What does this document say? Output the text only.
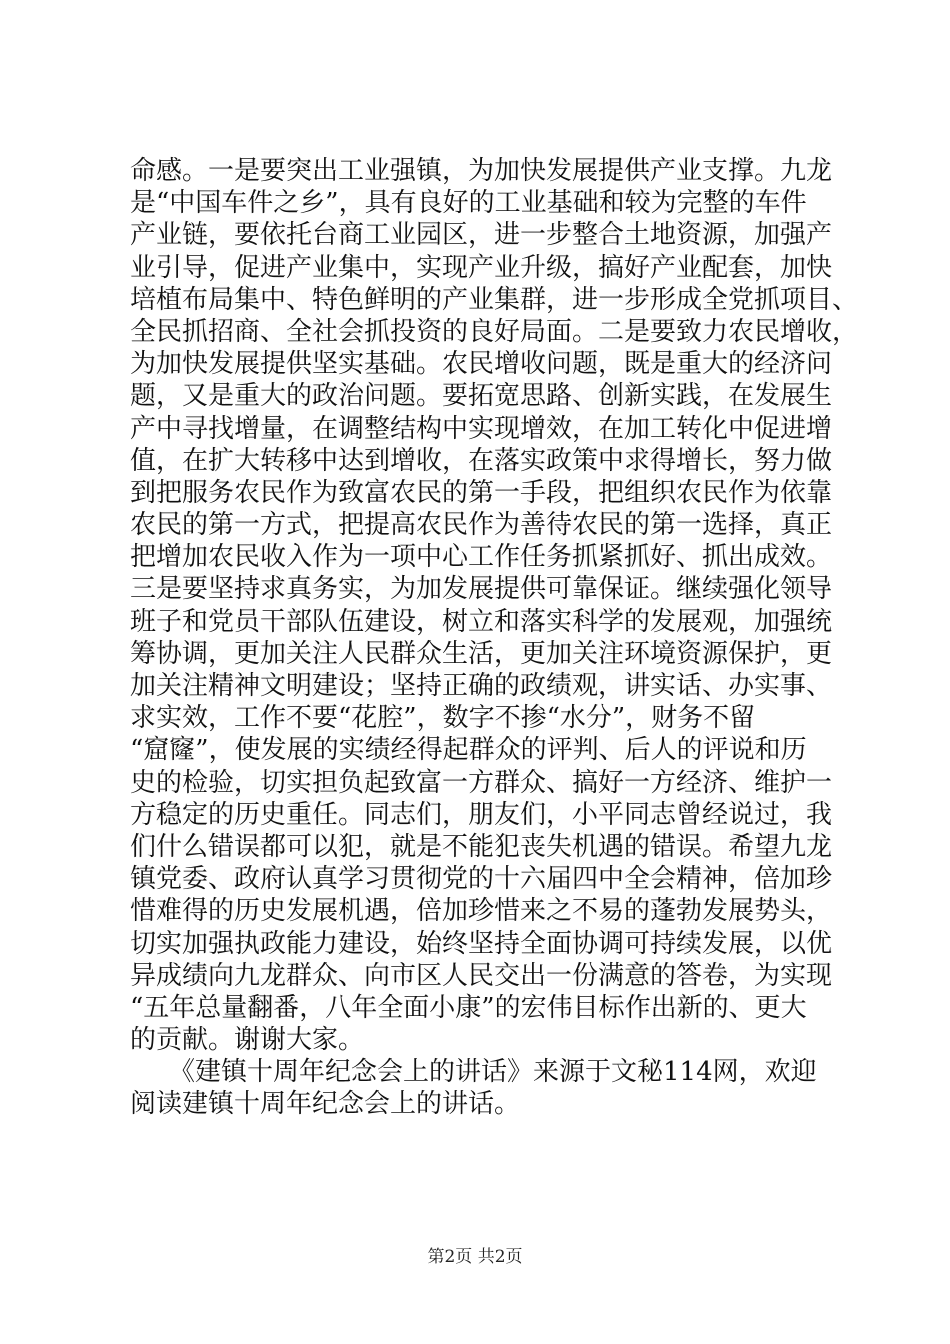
命感。一是要突出工业强镇，为加快发展提供产业支撑。九龙
是“中国车件之乡”，具有良好的工业基础和较为完整的车件
产业链，要依托台商工业园区，进一步整合土地资源，加强产
业引导，促进产业集中，实现产业升级，搞好产业配套，加快
培植布局集中、特色鲜明的产业集群，进一步形成全党抓项目、
全民抓招商、全社会抓投资的良好局面。二是要致力农民增收，
为加快发展提供坚实基础。农民增收问题，既是重大的经济问
题，又是重大的政治问题。要拓宽思路、创新实践，在发展生
产中寻找增量，在调整结构中实现增效，在加工转化中促进增
值，在扩大转移中达到增收，在落实政策中求得增长，努力做
到把服务农民作为致富农民的第一手段，把组织农民作为依靠
农民的第一方式，把提高农民作为善待农民的第一选择，真正
把增加农民收入作为一项中心工作任务抓紧抓好、抓出成效。
三是要坚持求真务实，为加发展提供可靠保证。继续强化领导
班子和党员干部队伍建设，树立和落实科学的发展观，加强统
筹协调，更加关注人民群众生活，更加关注环境资源保护，更
加关注精神文明建设；坚持正确的政绩观，讲实话、办实事、
求实效，工作不要“花腔”，数字不掺“水分”，财务不留
“窟窿”，使发展的实绩经得起群众的评判、后人的评说和历
史的检验，切实担负起致富一方群众、搞好一方经济、维护一
方稳定的历史重任。同志们，朋友们，小平同志曾经说过，我
们什么错误都可以犯，就是不能犯丧失机遇的错误。希望九龙
镇党委、政府认真学习贯彻党的十六届四中全会精神，倍加珍
惜难得的历史发展机遇，倍加珍惜来之不易的蓬勃发展势头，
切实加强执政能力建设，始终坚持全面协调可持续发展，以优
异成绩向九龙群众、向市区人民交出一份满意的答卷，为实现
“五年总量翻番，八年全面小康”的宏伟目标作出新的、更大
的贡献。谢谢大家。
　　《建镇十周年纪念会上的讲话》来源于文秘114网，欢迎
阅读建镇十周年纪念会上的讲话。
第2页 共2页
